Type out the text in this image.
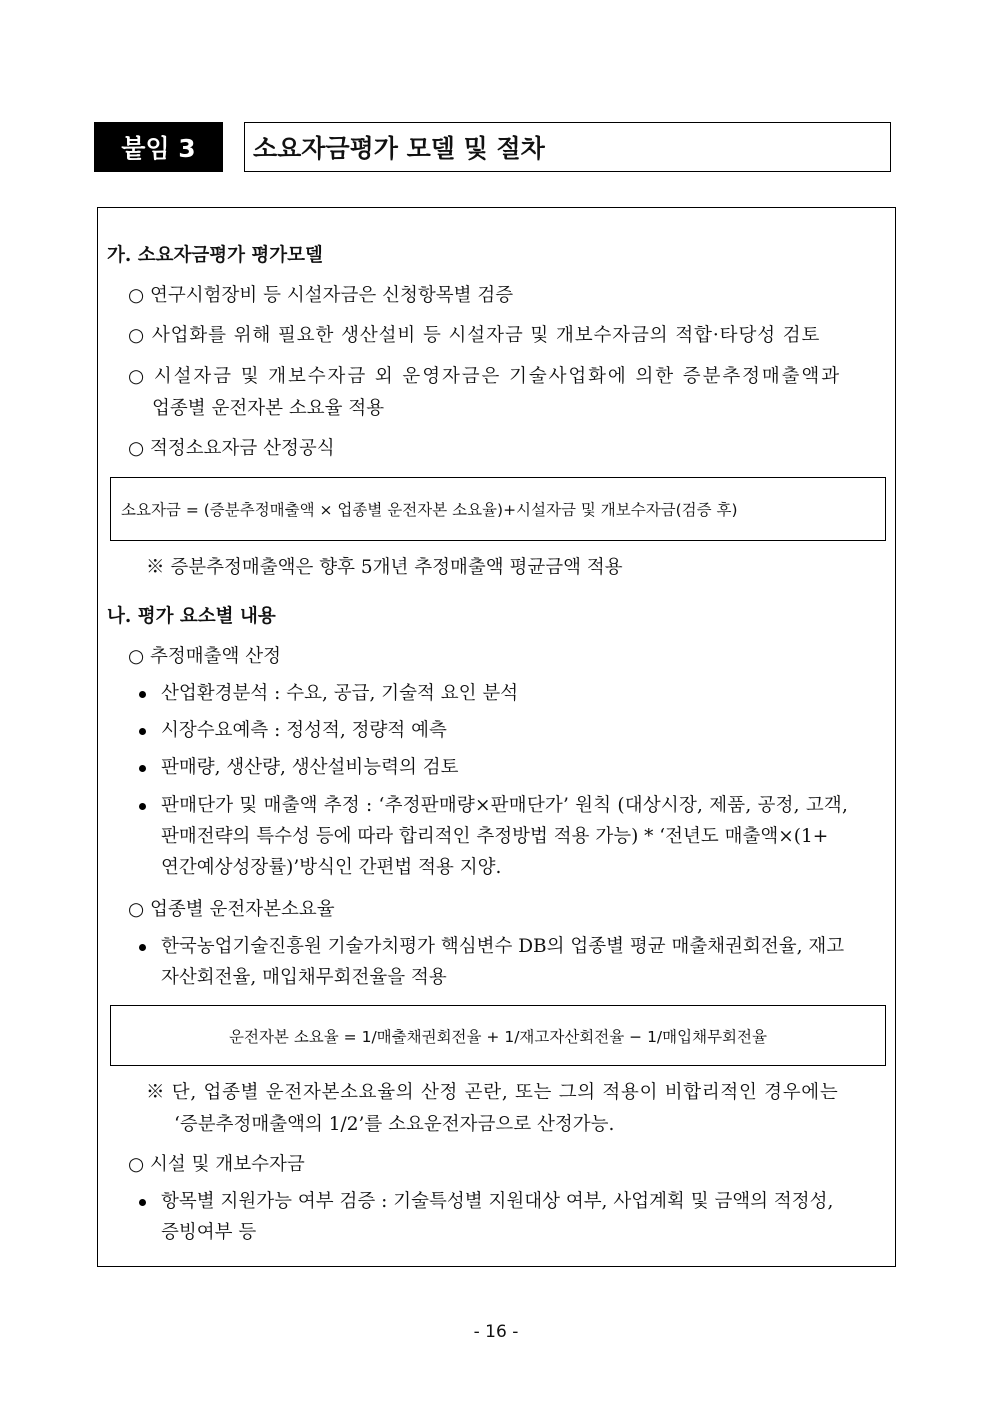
붙임 3	소요자금평가 모델 및 절차
가. 소요자금평가 평가모델
○ 연구시험장비 등 시설자금은 신청항목별 검증
○ 사업화를 위해 필요한 생산설비 등 시설자금 및 개보수자금의 적합·타당성 검토
○ 시설자금 및 개보수자금 외 운영자금은 기술사업화에 의한 증분추정매출액과
업종별 운전자본 소요율 적용
○ 적정소요자금 산정공식
소요자금 = (증분추정매출액 × 업종별 운전자본 소요율)+시설자금 및 개보수자금(검증 후)
※ 증분추정매출액은 향후 5개년 추정매출액 평균금액 적용
나. 평가 요소별 내용
○ 추정매출액 산정
산업환경분석 : 수요, 공급, 기술적 요인 분석
시장수요예측 : 정성적, 정량적 예측
판매량, 생산량, 생산설비능력의 검토
판매단가 및 매출액 추정 : ‘추정판매량×판매단가’ 원칙 (대상시장, 제품, 공정, 고객,
판매전략의 특수성 등에 따라 합리적인 추정방법 적용 가능) * ‘전년도 매출액×(1+
연간예상성장률)’방식인 간편법 적용 지양.
○ 업종별 운전자본소요율
한국농업기술진흥원 기술가치평가 핵심변수 DB의 업종별 평균 매출채권회전율, 재고
자산회전율, 매입채무회전율을 적용
운전자본 소요율 = 1/매출채권회전율 + 1/재고자산회전율 − 1/매입채무회전율
※ 단, 업종별 운전자본소요율의 산정 곤란, 또는 그의 적용이 비합리적인 경우에는
‘증분추정매출액의 1/2’를 소요운전자금으로 산정가능.
○ 시설 및 개보수자금
항목별 지원가능 여부 검증 : 기술특성별 지원대상 여부, 사업계획 및 금액의 적정성,
증빙여부 등
- 16 -
